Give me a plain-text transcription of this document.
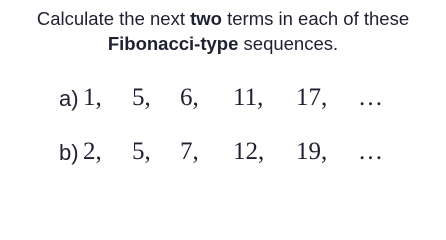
Calculate the next two terms in each of these
Fibonacci-type sequences.
a) 1, 5, 6, 11, 17, …
b) 2, 5, 7, 12, 19, …
